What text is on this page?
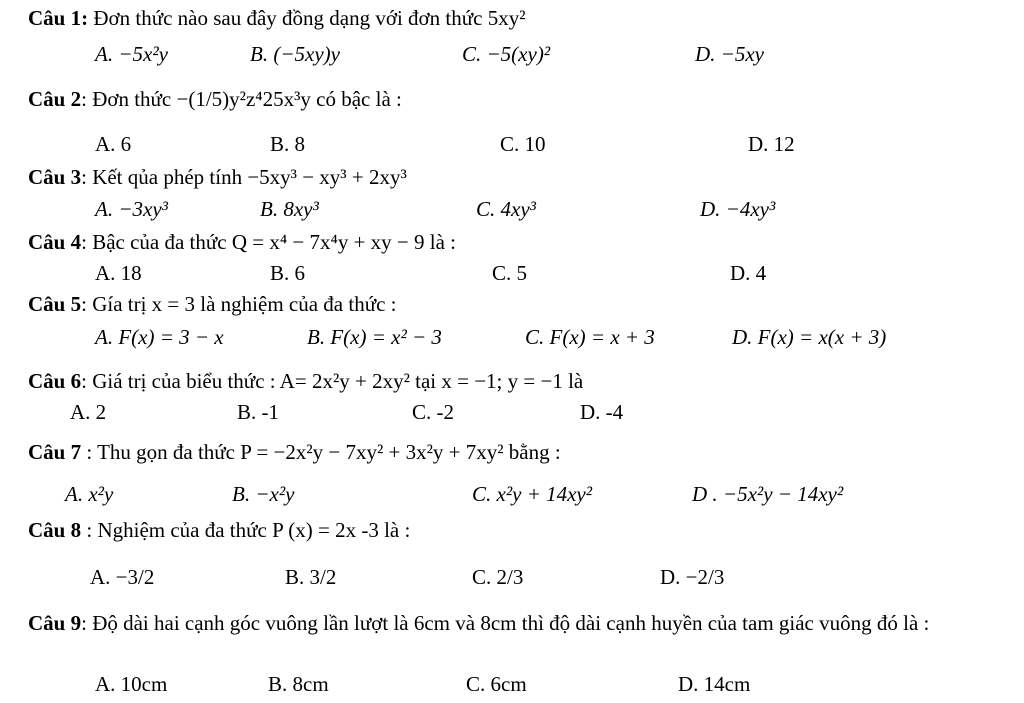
Câu 1: Đơn thức nào sau đây đồng dạng với đơn thức 5xy²
A. −5x²y	B. (−5xy)y	C. −5(xy)²	D. −5xy
Câu 2: Đơn thức −(1/5)y²z⁴25x³y có bậc là :
A. 6	B. 8	C. 10	D. 12
Câu 3: Kết qủa phép tính −5xy³ − xy³ + 2xy³
A. −3xy³	B. 8xy³	C. 4xy³	D. −4xy³
Câu 4: Bậc của đa thức Q = x⁴ − 7x⁴y + xy − 9 là :
A. 18	B. 6	C. 5	D. 4
Câu 5: Gía trị x = 3 là nghiệm của đa thức :
A. F(x) = 3 − x	B. F(x) = x² − 3	C. F(x) = x + 3	D. F(x) = x(x + 3)
Câu 6: Giá trị của biểu thức : A= 2x²y + 2xy² tại x = −1; y = −1 là
A. 2	B. -1	C. -2	D. -4
Câu 7 : Thu gọn đa thức P = −2x²y − 7xy² + 3x²y + 7xy² bằng :
A. x²y	B. −x²y	C. x²y + 14xy²	D . −5x²y − 14xy²
Câu 8 : Nghiệm của đa thức P (x) = 2x -3 là :
A. −3/2	B. 3/2	C. 2/3	D. −2/3
Câu 9: Độ dài hai cạnh góc vuông lần lượt là 6cm và 8cm thì độ dài cạnh huyền của tam giác vuông đó là :
A. 10cm	B. 8cm	C. 6cm	D. 14cm
